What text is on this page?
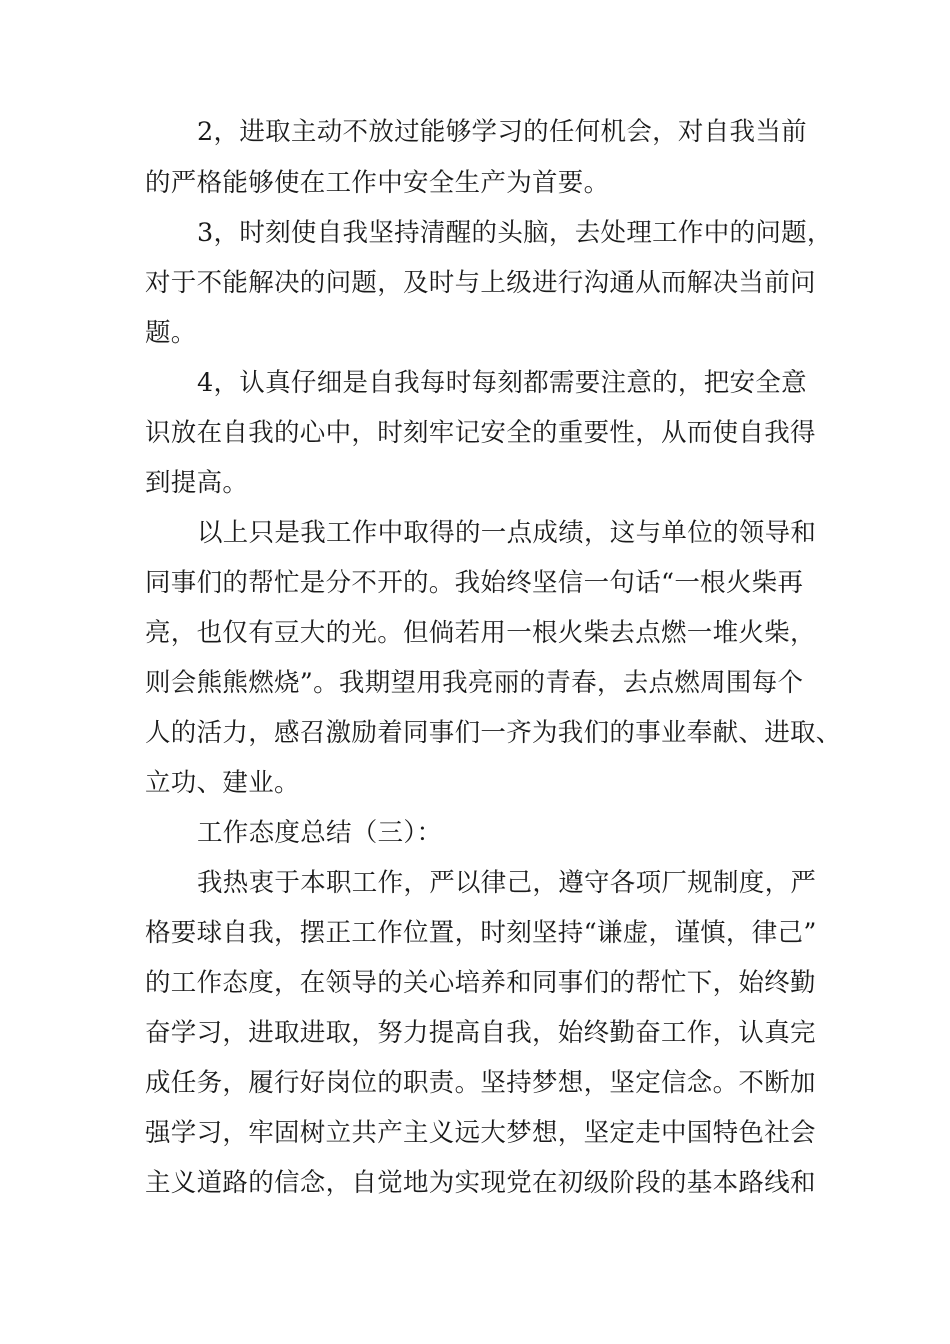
2，进取主动不放过能够学习的任何机会，对自我当前
的严格能够使在工作中安全生产为首要。
3，时刻使自我坚持清醒的头脑，去处理工作中的问题，
对于不能解决的问题，及时与上级进行沟通从而解决当前问
题。
4，认真仔细是自我每时每刻都需要注意的，把安全意
识放在自我的心中，时刻牢记安全的重要性，从而使自我得
到提高。
以上只是我工作中取得的一点成绩，这与单位的领导和
同事们的帮忙是分不开的。我始终坚信一句话“一根火柴再
亮，也仅有豆大的光。但倘若用一根火柴去点燃一堆火柴，
则会熊熊燃烧”。我期望用我亮丽的青春，去点燃周围每个
人的活力，感召激励着同事们一齐为我们的事业奉献、进取、
立功、建业。
工作态度总结（三）：
我热衷于本职工作，严以律己，遵守各项厂规制度，严
格要球自我，摆正工作位置，时刻坚持“谦虚，谨慎，律己”
的工作态度，在领导的关心培养和同事们的帮忙下，始终勤
奋学习，进取进取，努力提高自我，始终勤奋工作，认真完
成任务，履行好岗位的职责。坚持梦想，坚定信念。不断加
强学习，牢固树立共产主义远大梦想，坚定走中国特色社会
主义道路的信念，自觉地为实现党在初级阶段的基本路线和
